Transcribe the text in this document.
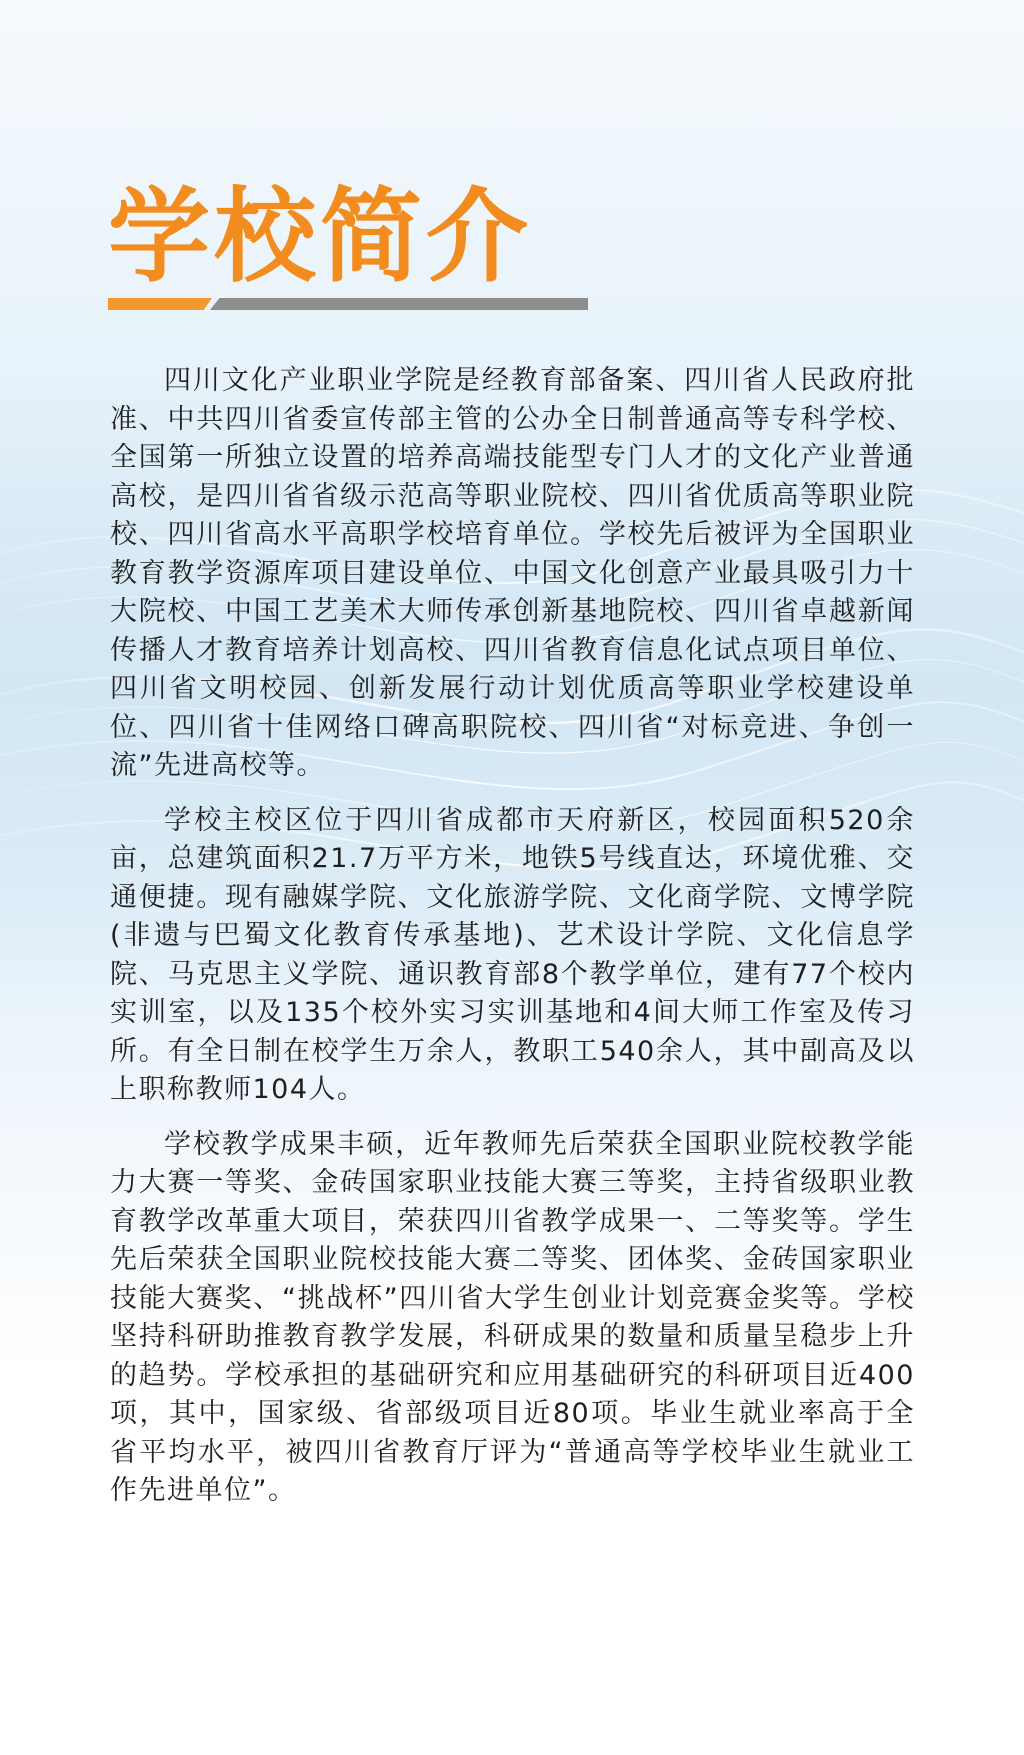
学校简介

四川文化产业职业学院是经教育部备案、四川省人民政府批准、中共四川省委宣传部主管的公办全日制普通高等专科学校、全国第一所独立设置的培养高端技能型专门人才的文化产业普通高校，是四川省省级示范高等职业院校、四川省优质高等职业院校、四川省高水平高职学校培育单位。学校先后被评为全国职业教育教学资源库项目建设单位、中国文化创意产业最具吸引力十大院校、中国工艺美术大师传承创新基地院校、四川省卓越新闻传播人才教育培养计划高校、四川省教育信息化试点项目单位、四川省文明校园、创新发展行动计划优质高等职业学校建设单位、四川省十佳网络口碑高职院校、四川省“对标竞进、争创一流”先进高校等。

学校主校区位于四川省成都市天府新区，校园面积520余亩，总建筑面积21.7万平方米，地铁5号线直达，环境优雅、交通便捷。现有融媒学院、文化旅游学院、文化商学院、文博学院(非遗与巴蜀文化教育传承基地)、艺术设计学院、文化信息学院、马克思主义学院、通识教育部8个教学单位，建有77个校内实训室，以及135个校外实习实训基地和4间大师工作室及传习所。有全日制在校学生万余人，教职工540余人，其中副高及以上职称教师104人。

学校教学成果丰硕，近年教师先后荣获全国职业院校教学能力大赛一等奖、金砖国家职业技能大赛三等奖，主持省级职业教育教学改革重大项目，荣获四川省教学成果一、二等奖等。学生先后荣获全国职业院校技能大赛二等奖、团体奖、金砖国家职业技能大赛奖、“挑战杯”四川省大学生创业计划竞赛金奖等。学校坚持科研助推教育教学发展，科研成果的数量和质量呈稳步上升的趋势。学校承担的基础研究和应用基础研究的科研项目近400项，其中，国家级、省部级项目近80项。毕业生就业率高于全省平均水平，被四川省教育厅评为“普通高等学校毕业生就业工作先进单位”。
